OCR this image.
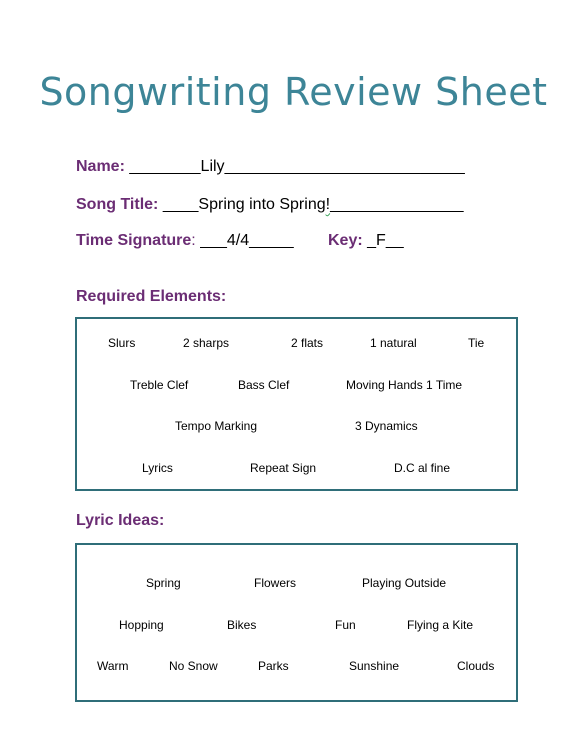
Songwriting Review Sheet
Name: ________Lily___________________________
Song Title: ____Spring into Spring!_______________
Time Signature: ___4/4_____ Key: _F__
Required Elements:
Slurs	2 sharps	2 flats	1 natural	Tie
Treble Clef	Bass Clef	Moving Hands 1 Time
Tempo Marking	3 Dynamics
Lyrics	Repeat Sign	D.C al fine
Lyric Ideas:
Spring	Flowers	Playing Outside
Hopping	Bikes	Fun	Flying a Kite
Warm	No Snow	Parks	Sunshine	Clouds
